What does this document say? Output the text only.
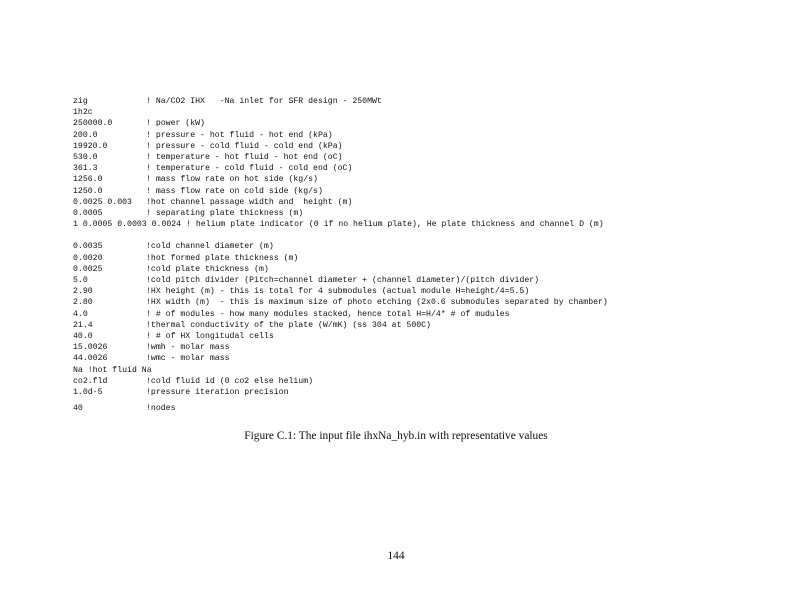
zig	! Na/CO2 IHX   -Na inlet for SFR design - 250MWt
1h2c
250000.0	! power (kW)
200.0	! pressure - hot fluid - hot end (kPa)
19920.0	! pressure - cold fluid - cold end (kPa)
530.0	! temperature - hot fluid - hot end (oC)
361.3	! temperature - cold fluid - cold end (oC)
1256.0	! mass flow rate on hot side (kg/s)
1250.0	! mass flow rate on cold side (kg/s)
0.0025 0.003	!hot channel passage width and  height (m)
0.0005	! separating plate thickness (m)
1 0.0005 0.0003 0.0024 ! helium plate indicator (0 if no helium plate), He plate thickness and channel D (m)
0.0035	!cold channel diameter (m)
0.0020	!hot formed plate thickness (m)
0.0025	!cold plate thickness (m)
5.0	!cold pitch divider (Pitch=channel diameter + (channel diameter)/(pitch divider)
2.90	!HX height (m) - this is total for 4 submodules (actual module H=height/4=5.5)
2.80	!HX width (m)  - this is maximum size of photo etching (2x0.6 submodules separated by chamber)
4.0	! # of modules - how many modules stacked, hence total H=H/4* # of mudules
21.4	!thermal conductivity of the plate (W/mK) (ss 304 at 500C)
40.0	! # of HX longitudal cells
15.0026	!wmh - molar mass
44.0026	!wmc - molar mass
Na !hot fluid Na
co2.fld	!cold fluid id (0 co2 else helium)
1.0d-5	!pressure iteration precision
40	!nodes
Figure C.1: The input file ihxNa_hyb.in with representative values
144
